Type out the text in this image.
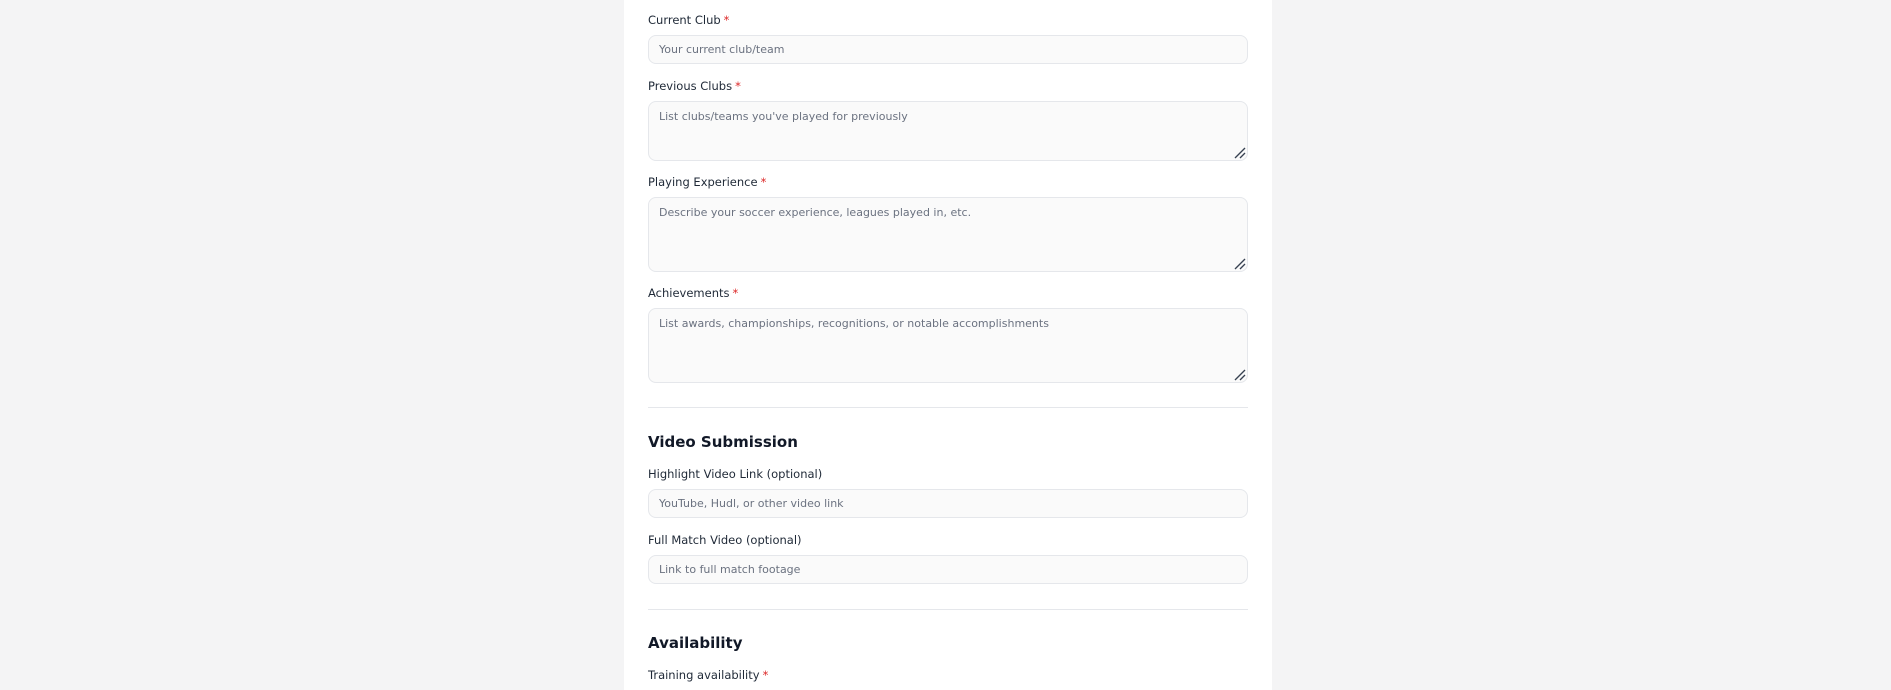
Current Club *
Your current club/team
Previous Clubs *
List clubs/teams you've played for previously
Playing Experience *
Describe your soccer experience, leagues played in, etc.
Achievements *
List awards, championships, recognitions, or notable accomplishments
Video Submission
Highlight Video Link (optional)
YouTube, Hudl, or other video link
Full Match Video (optional)
Link to full match footage
Availability
Training availability *
